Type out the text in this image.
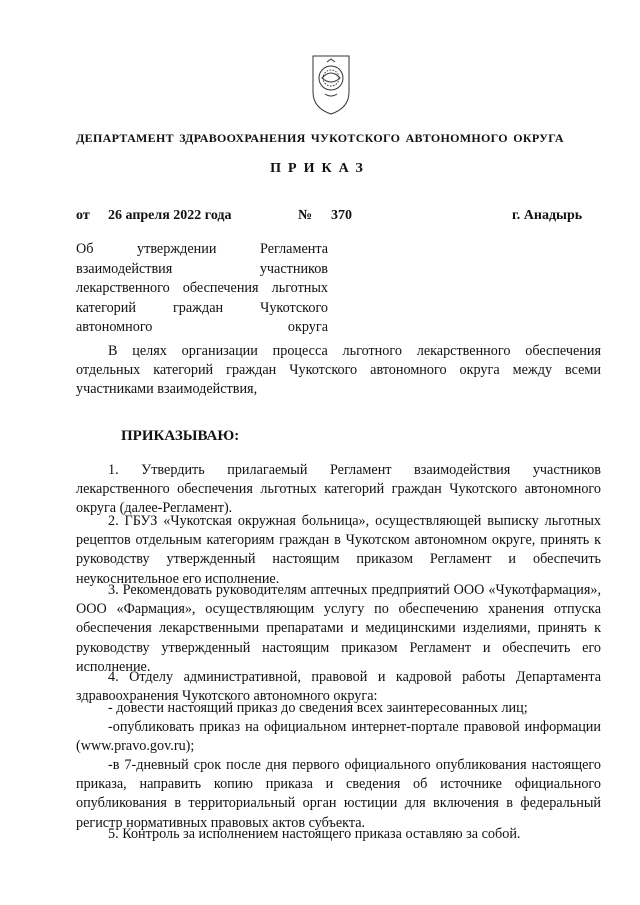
ДЕПАРТАМЕНТ ЗДРАВООХРАНЕНИЯ ЧУКОТСКОГО АВТОНОМНОГО ОКРУГА
ПРИКАЗ
от 26 апреля 2022 года	№ 370	г. Анадырь
Об утверждении Регламента взаимодействия участников лекарственного обеспечения льготных категорий граждан Чукотского автономного округа
В целях организации процесса льготного лекарственного обеспечения отдельных категорий граждан Чукотского автономного округа между всеми участниками взаимодействия,
ПРИКАЗЫВАЮ:
1. Утвердить прилагаемый Регламент взаимодействия участников лекарственного обеспечения льготных категорий граждан Чукотского автономного округа (далее-Регламент).
2. ГБУЗ «Чукотская окружная больница», осуществляющей выписку льготных рецептов отдельным категориям граждан в Чукотском автономном округе, принять к руководству утвержденный настоящим приказом Регламент и обеспечить неукоснительное его исполнение.
3. Рекомендовать руководителям аптечных предприятий ООО «Чукотфармация», ООО «Фармация», осуществляющим услугу по обеспечению хранения отпуска обеспечения лекарственными препаратами и медицинскими изделиями, принять к руководству утвержденный настоящим приказом Регламент и обеспечить его исполнение.
4. Отделу административной, правовой и кадровой работы Департамента здравоохранения Чукотского автономного округа:
- довести настоящий приказ до сведения всех заинтересованных лиц;
-опубликовать приказ на официальном интернет-портале правовой информации (www.pravo.gov.ru);
-в 7-дневный срок после дня первого официального опубликования настоящего приказа, направить копию приказа и сведения об источнике официального опубликования в территориальный орган юстиции для включения в федеральный регистр нормативных правовых актов субъекта.
5. Контроль за исполнением настоящего приказа оставляю за собой.
